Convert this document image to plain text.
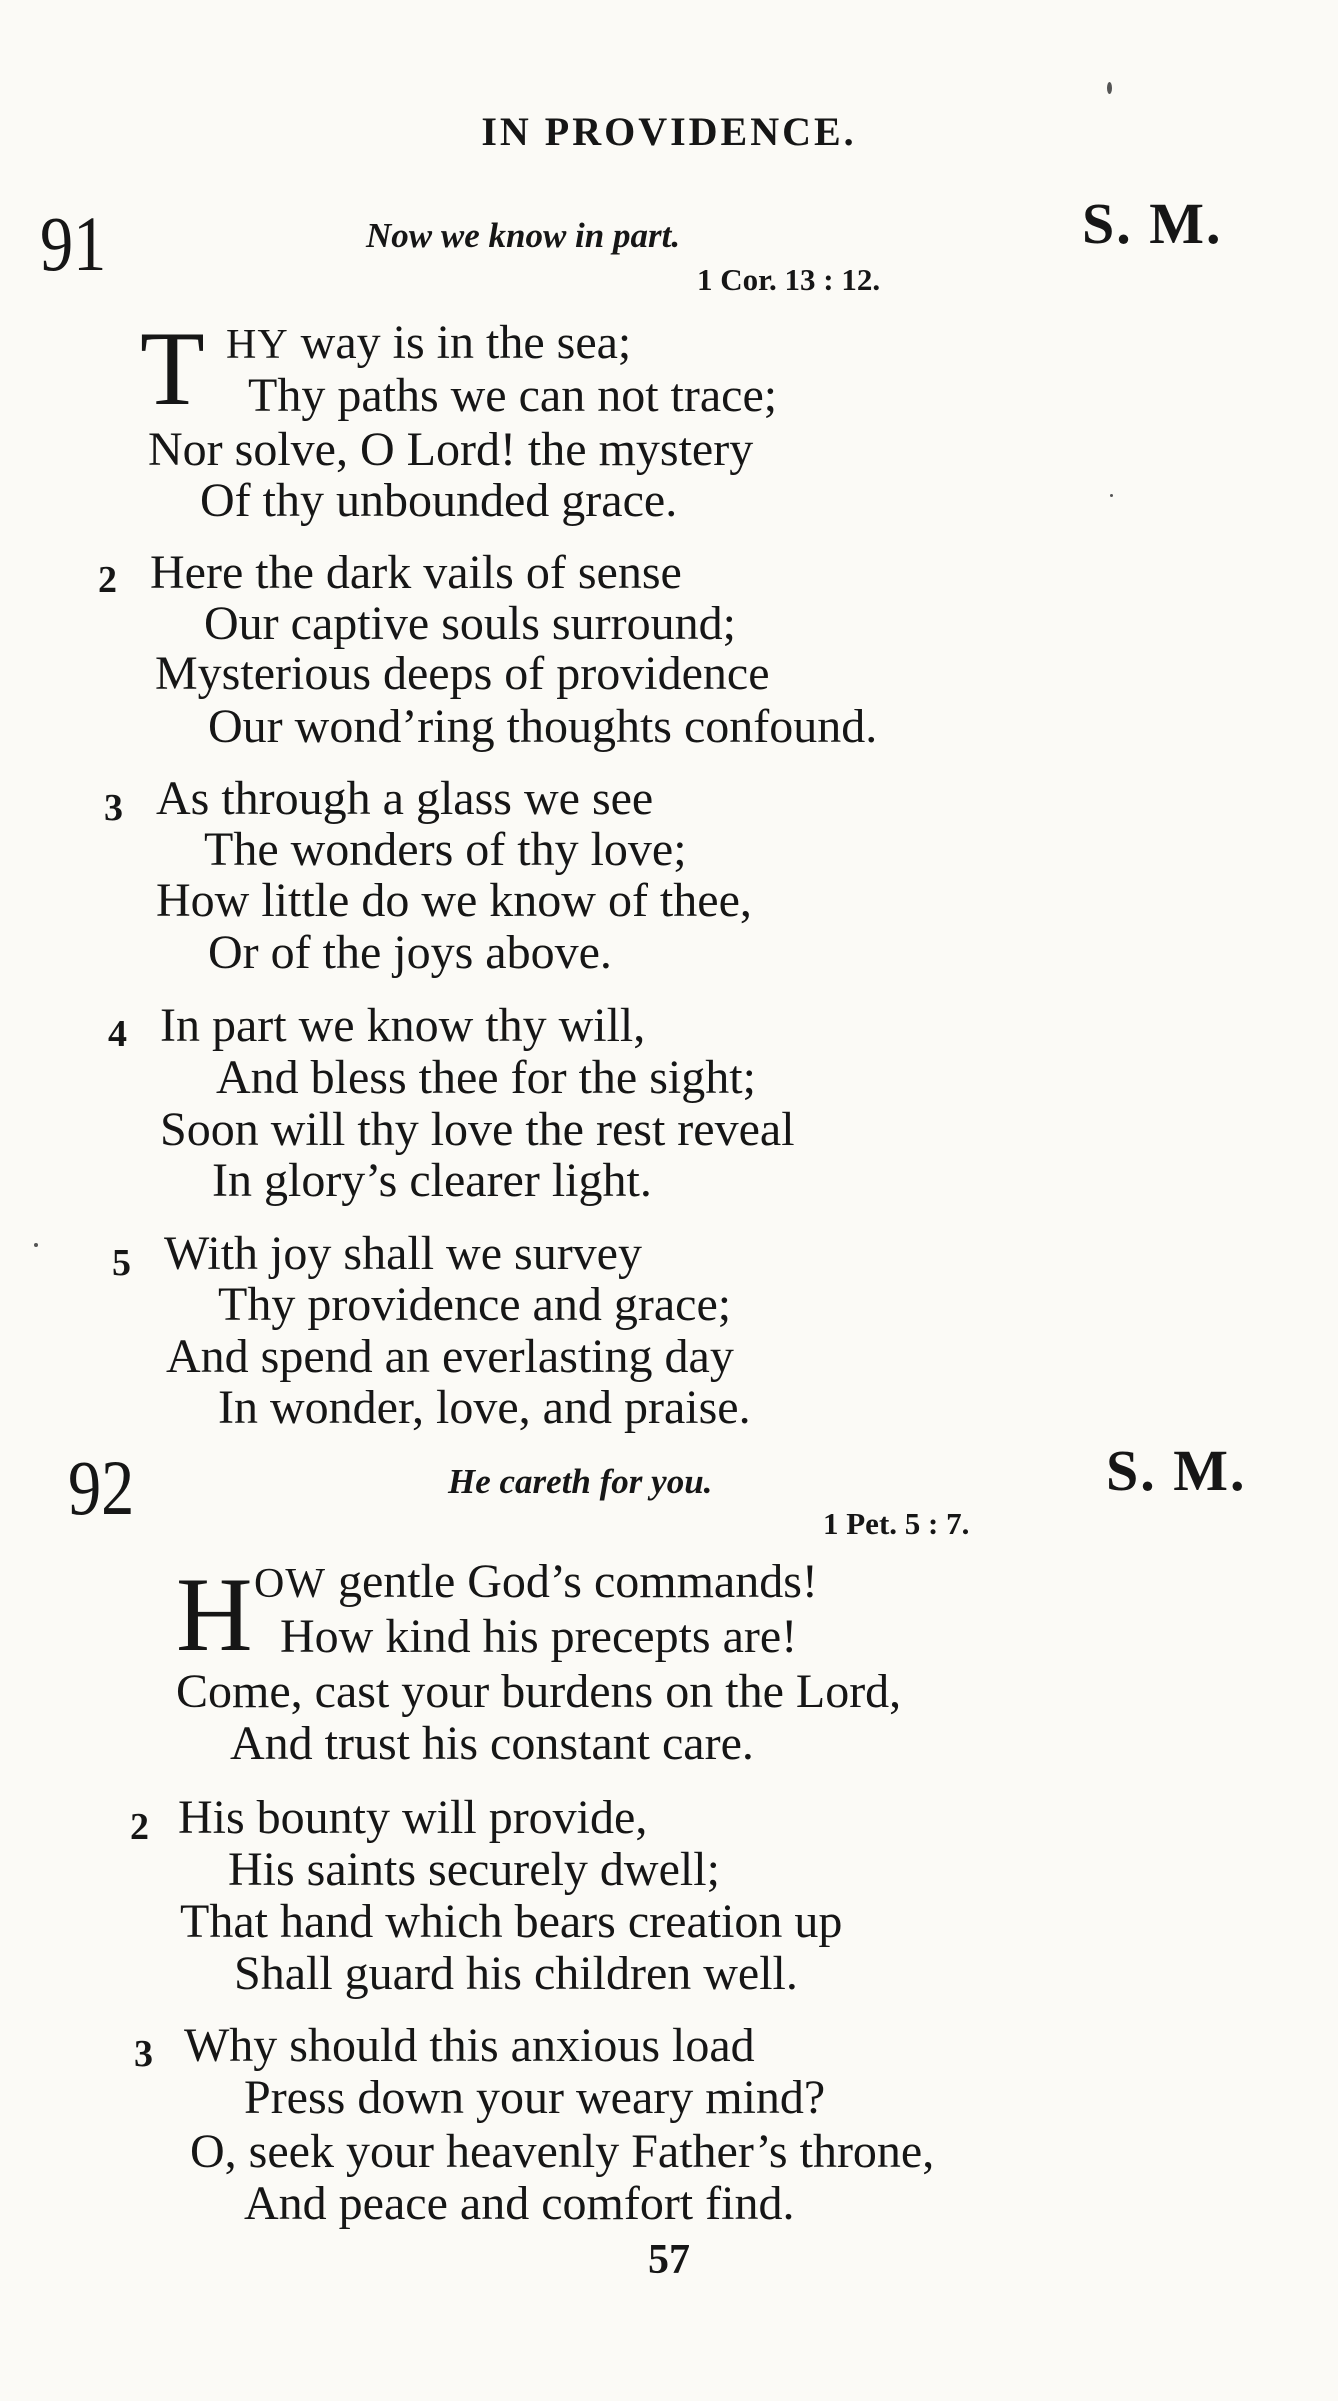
IN PROVIDENCE.
91	S. M.
Now we know in part.
1 Cor. 13 : 12.
T HY way is in the sea;
Thy paths we can not trace;
Nor solve, O Lord! the mystery
Of thy unbounded grace.
2 Here the dark vails of sense
Our captive souls surround;
Mysterious deeps of providence
Our wond’ring thoughts confound.
3 As through a glass we see
The wonders of thy love;
How little do we know of thee,
Or of the joys above.
4 In part we know thy will,
And bless thee for the sight;
Soon will thy love the rest reveal
In glory’s clearer light.
5 With joy shall we survey
Thy providence and grace;
And spend an everlasting day
In wonder, love, and praise.
92	S. M.
He careth for you.
1 Pet. 5 : 7.
H OW gentle God’s commands!
How kind his precepts are!
Come, cast your burdens on the Lord,
And trust his constant care.
2 His bounty will provide,
His saints securely dwell;
That hand which bears creation up
Shall guard his children well.
3 Why should this anxious load
Press down your weary mind?
O, seek your heavenly Father’s throne,
And peace and comfort find.
57
